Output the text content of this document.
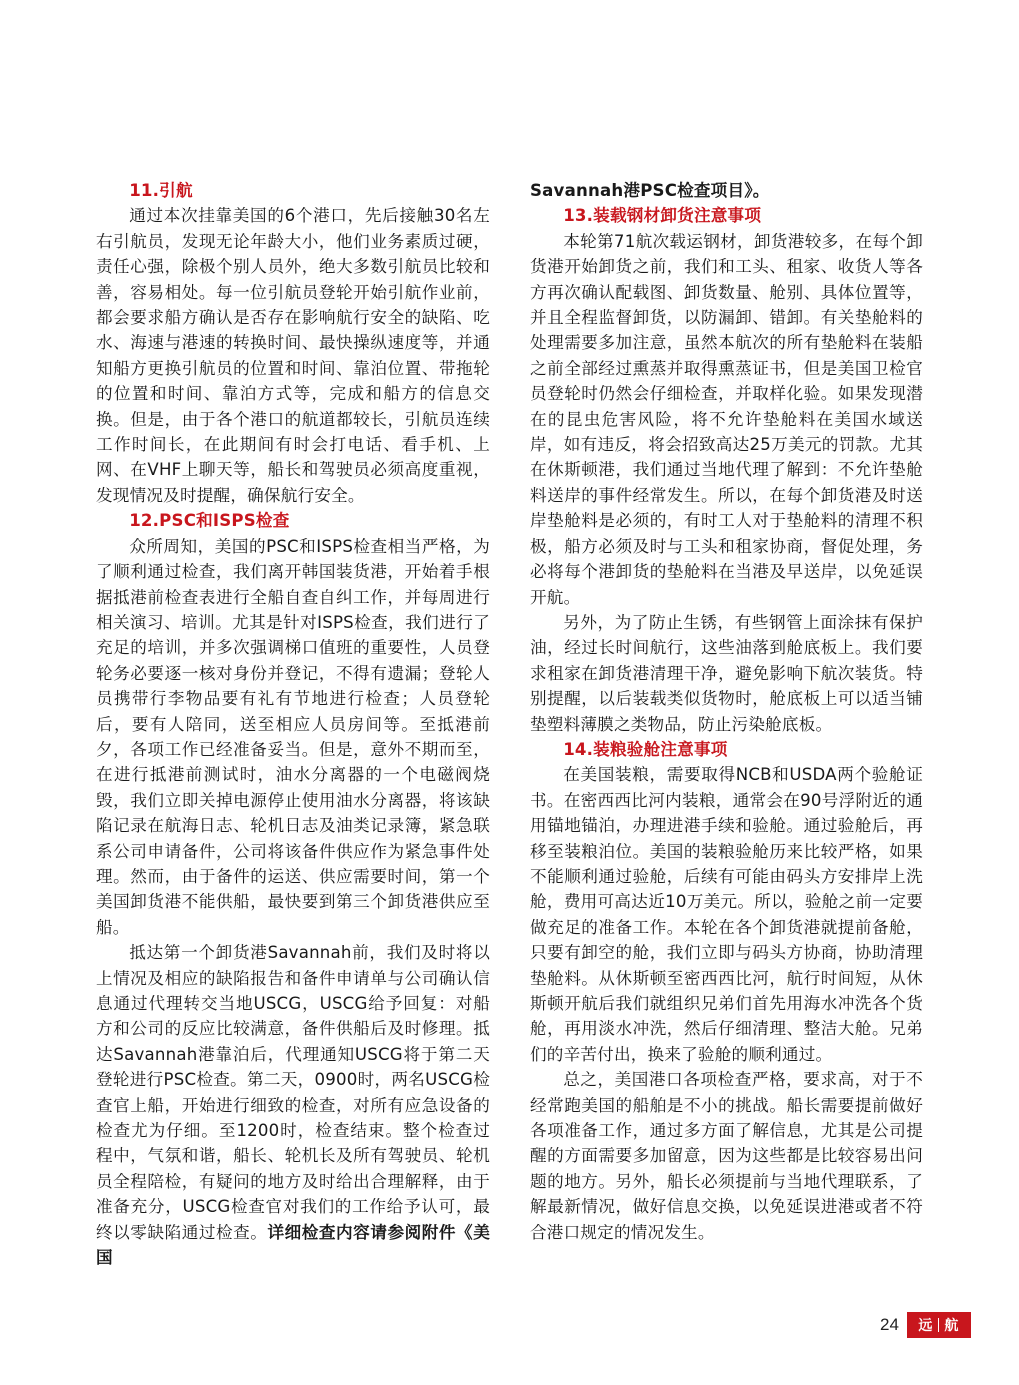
11.引航

通过本次挂靠美国的6个港口，先后接触30名左右引航员，发现无论年龄大小，他们业务素质过硬，责任心强，除极个别人员外，绝大多数引航员比较和善，容易相处。每一位引航员登轮开始引航作业前，都会要求船方确认是否存在影响航行安全的缺陷、吃水、海速与港速的转换时间、最快操纵速度等，并通知船方更换引航员的位置和时间、靠泊位置、带拖轮的位置和时间、靠泊方式等，完成和船方的信息交换。但是，由于各个港口的航道都较长，引航员连续工作时间长，在此期间有时会打电话、看手机、上网、在VHF上聊天等，船长和驾驶员必须高度重视，发现情况及时提醒，确保航行安全。

12.PSC和ISPS检查

众所周知，美国的PSC和ISPS检查相当严格，为了顺利通过检查，我们离开韩国装货港，开始着手根据抵港前检查表进行全船自查自纠工作，并每周进行相关演习、培训。尤其是针对ISPS检查，我们进行了充足的培训，并多次强调梯口值班的重要性，人员登轮务必要逐一核对身份并登记，不得有遗漏；登轮人员携带行李物品要有礼有节地进行检查；人员登轮后，要有人陪同，送至相应人员房间等。至抵港前夕，各项工作已经准备妥当。但是，意外不期而至，在进行抵港前测试时，油水分离器的一个电磁阀烧毁，我们立即关掉电源停止使用油水分离器，将该缺陷记录在航海日志、轮机日志及油类记录簿，紧急联系公司申请备件，公司将该备件供应作为紧急事件处理。然而，由于备件的运送、供应需要时间，第一个美国卸货港不能供船，最快要到第三个卸货港供应至船。

抵达第一个卸货港Savannah前，我们及时将以上情况及相应的缺陷报告和备件申请单与公司确认信息通过代理转交当地USCG，USCG给予回复：对船方和公司的反应比较满意，备件供船后及时修理。抵达Savannah港靠泊后，代理通知USCG将于第二天登轮进行PSC检查。第二天，0900时，两名USCG检查官上船，开始进行细致的检查，对所有应急设备的检查尤为仔细。至1200时，检查结束。整个检查过程中，气氛和谐，船长、轮机长及所有驾驶员、轮机员全程陪检，有疑问的地方及时给出合理解释，由于准备充分，USCG检查官对我们的工作给予认可，最终以零缺陷通过检查。详细检查内容请参阅附件《美国

Savannah港PSC检查项目》。

13.装载钢材卸货注意事项

本轮第71航次载运钢材，卸货港较多，在每个卸货港开始卸货之前，我们和工头、租家、收货人等各方再次确认配载图、卸货数量、舱别、具体位置等，并且全程监督卸货，以防漏卸、错卸。有关垫舱料的处理需要多加注意，虽然本航次的所有垫舱料在装船之前全部经过熏蒸并取得熏蒸证书，但是美国卫检官员登轮时仍然会仔细检查，并取样化验。如果发现潜在的昆虫危害风险，将不允许垫舱料在美国水域送岸，如有违反，将会招致高达25万美元的罚款。尤其在休斯顿港，我们通过当地代理了解到：不允许垫舱料送岸的事件经常发生。所以，在每个卸货港及时送岸垫舱料是必须的，有时工人对于垫舱料的清理不积极，船方必须及时与工头和租家协商，督促处理，务必将每个港卸货的垫舱料在当港及早送岸，以免延误开航。

另外，为了防止生锈，有些钢管上面涂抹有保护油，经过长时间航行，这些油落到舱底板上。我们要求租家在卸货港清理干净，避免影响下航次装货。特别提醒，以后装载类似货物时，舱底板上可以适当铺垫塑料薄膜之类物品，防止污染舱底板。

14.装粮验舱注意事项

在美国装粮，需要取得NCB和USDA两个验舱证书。在密西西比河内装粮，通常会在90号浮附近的通用锚地锚泊，办理进港手续和验舱。通过验舱后，再移至装粮泊位。美国的装粮验舱历来比较严格，如果不能顺利通过验舱，后续有可能由码头方安排岸上洗舱，费用可高达近10万美元。所以，验舱之前一定要做充足的准备工作。本轮在各个卸货港就提前备舱，只要有卸空的舱，我们立即与码头方协商，协助清理垫舱料。从休斯顿至密西西比河，航行时间短，从休斯顿开航后我们就组织兄弟们首先用海水冲洗各个货舱，再用淡水冲洗，然后仔细清理、整洁大舱。兄弟们的辛苦付出，换来了验舱的顺利通过。

总之，美国港口各项检查严格，要求高，对于不经常跑美国的船舶是不小的挑战。船长需要提前做好各项准备工作，通过多方面了解信息，尤其是公司提醒的方面需要多加留意，因为这些都是比较容易出问题的地方。另外，船长必须提前与当地代理联系，了解最新情况，做好信息交换，以免延误进港或者不符合港口规定的情况发生。

24 远 航
